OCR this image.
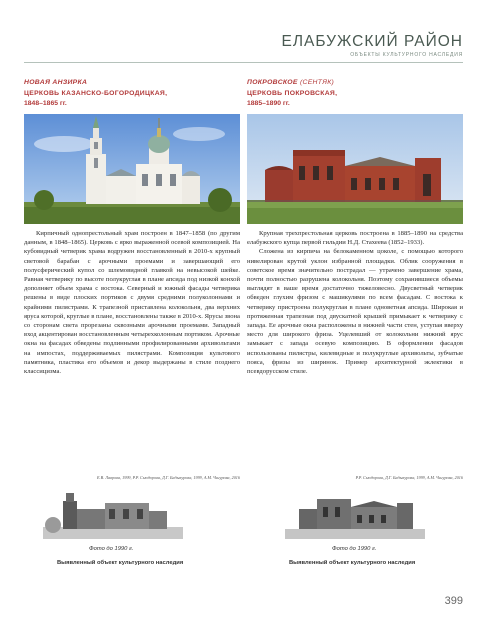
ЕЛАБУЖСКИЙ РАЙОН
ОБЪЕКТЫ КУЛЬТУРНОГО НАСЛЕДИЯ
НОВАЯ АНЗИРКА
ЦЕРКОВЬ КАЗАНСКО-БОГОРОДИЦКАЯ,
1848–1865 гг.

Кирпичный однопрестольный храм построен в 1847–1858 (по другим данным, в 1848–1865). Церковь с ярко выраженной осевой композицией. На кубовидный четверик храма водружен восстановленный в 2010-х крупный световой барабан с арочными проемами и завершающий его полусферический купол со шлемовидной главкой на невысокой шейке. Равная четверику по высоте полукруглая в плане апсида под низкой конхой дополняет объем храма с востока. Северный и южный фасады четверика решены в виде плоских портиков с двумя средними полуколоннами и крайними пилястрами. К трапезной приставлена колокольня, два верхних яруса которой, круглые в плане, восстановлены также в 2010-х. Ярусы звона со сторонам света прорезаны сквозными арочными проемами. Западный вход акцентирован восстановленным четырехколонным портиком. Арочные окна на фасадах обведены подлинными профилированными архивольтами на импостах, поддерживаемых пилястрами. Композиция культового памятника, пластика его объемов и декор выдержаны в стиле позднего классицизма.

Е.В. Лаврова, 1999, Р.Р. Сьюдорова, Д.Г. Бадыкурова, 1999, А.М. Чагурова, 2016
ПОКРОВСКОЕ (СЕНТЯК)
ЦЕРКОВЬ ПОКРОВСКАЯ,
1885–1890 гг.

Крупная трехпрестольная церковь построена в 1885–1890 на средства елабужского купца первой гильдии Н.Д. Стахеева (1852–1933).

Сложена из кирпича на белокаменном цоколе, с помощью которого нивелирован крутой уклон избранной площадки. Облик сооружения в советское время значительно пострадал — утрачено завершение храма, почти полностью разрушена колокольня. Поэтому сохранившиеся объемы выглядят в ваше время достаточно тяжеловесно. Двусветный четверик обведен глухим фризом с машикулями по всем фасадам. С востока к четверику пристроена полукруглая в плане одноветная апсида. Широкая и протяженная трапезная под двускатной крышей примыкает к четверику с запада. Ее арочные окна расположены в нижней части стен, уступая вверху место для широкого фриза. Уцелевший от колокольни нижний ярус замыкает с запада осевую композицию. В оформлении фасадов использованы пилястры, килевидные и полукруглые архивольты, зубчатые пояса, фризы из ширинок. Пример архитектурной эклектики в псевдорусском стиле.

Р.Р. Сьюдорова, Д.Г. Бадыкурова, 1999, А.М. Чагурова, 2016
Фото до 1990 г.	Фото до 1990 г.
Выявленный объект культурного наследия	Выявленный объект культурного наследия
399
